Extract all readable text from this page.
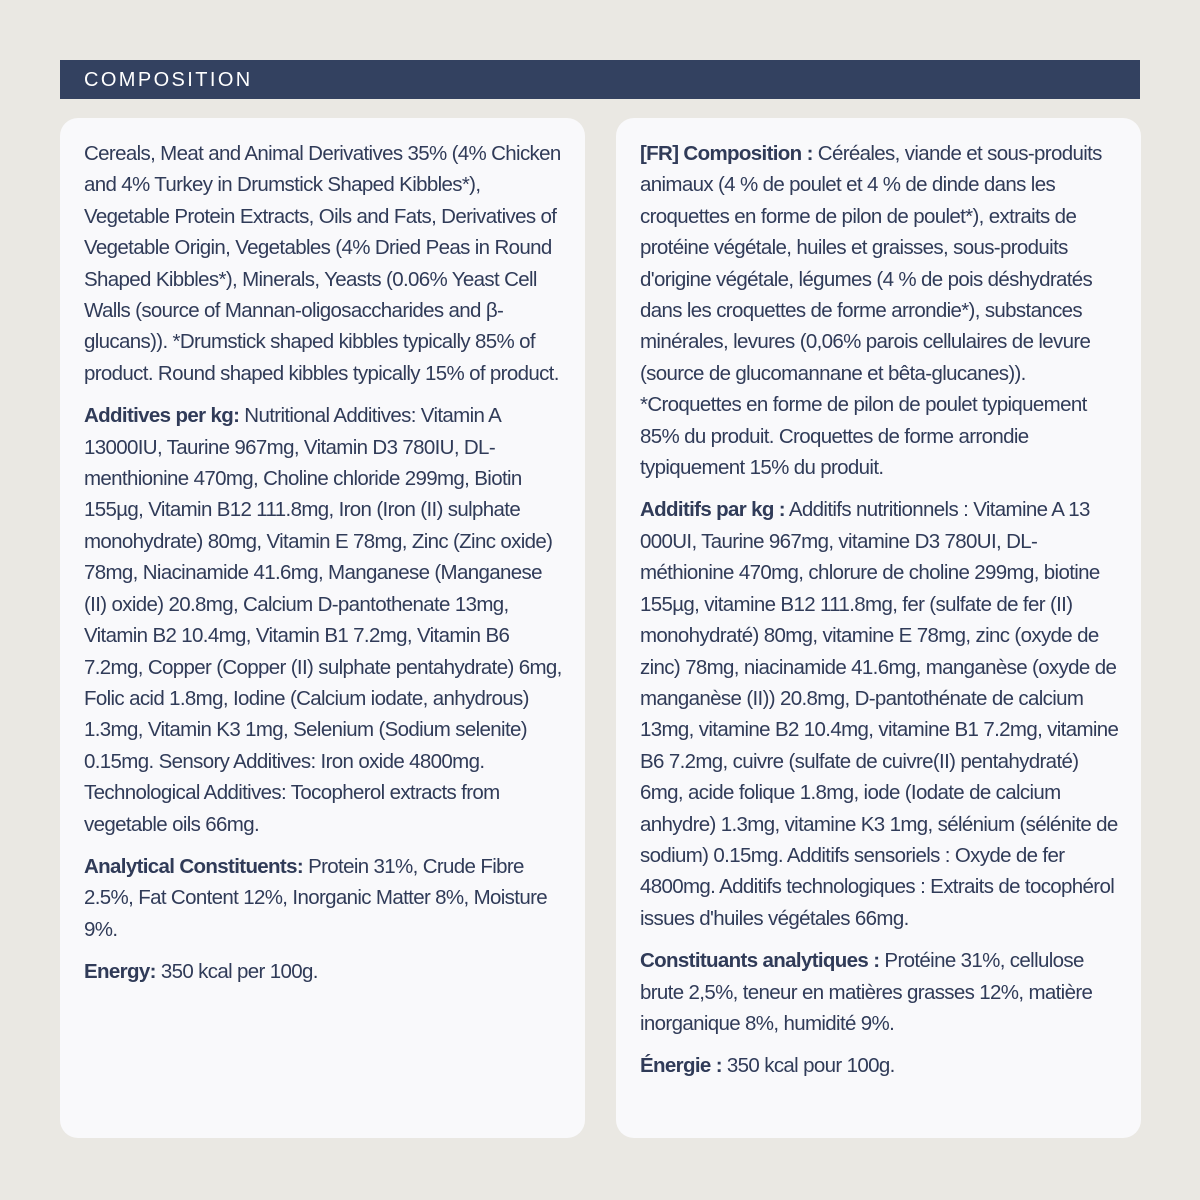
COMPOSITION

Cereals, Meat and Animal Derivatives 35% (4% Chicken and 4% Turkey in Drumstick Shaped Kibbles*), Vegetable Protein Extracts, Oils and Fats, Derivatives of Vegetable Origin, Vegetables (4% Dried Peas in Round Shaped Kibbles*), Minerals, Yeasts (0.06% Yeast Cell Walls (source of Mannan-oligosaccharides and β-glucans)). *Drumstick shaped kibbles typically 85% of product. Round shaped kibbles typically 15% of product.

Additives per kg: Nutritional Additives: Vitamin A 13000IU, Taurine 967mg, Vitamin D3 780IU, DL-menthionine 470mg, Choline chloride 299mg, Biotin 155µg, Vitamin B12 111.8mg, Iron (Iron (II) sulphate monohydrate) 80mg, Vitamin E 78mg, Zinc (Zinc oxide) 78mg, Niacinamide 41.6mg, Manganese (Manganese (II) oxide) 20.8mg, Calcium D-pantothenate 13mg, Vitamin B2 10.4mg, Vitamin B1 7.2mg, Vitamin B6 7.2mg, Copper (Copper (II) sulphate pentahydrate) 6mg, Folic acid 1.8mg, Iodine (Calcium iodate, anhydrous) 1.3mg, Vitamin K3 1mg, Selenium (Sodium selenite) 0.15mg. Sensory Additives: Iron oxide 4800mg. Technological Additives: Tocopherol extracts from vegetable oils 66mg.

Analytical Constituents: Protein 31%, Crude Fibre 2.5%, Fat Content 12%, Inorganic Matter 8%, Moisture 9%.

Energy: 350 kcal per 100g.

[FR] Composition : Céréales, viande et sous-produits animaux (4 % de poulet et 4 % de dinde dans les croquettes en forme de pilon de poulet*), extraits de protéine végétale, huiles et graisses, sous-produits d'origine végétale, légumes (4 % de pois déshydratés dans les croquettes de forme arrondie*), substances minérales, levures (0,06% parois cellulaires de levure (source de glucomannane et bêta-glucanes)). *Croquettes en forme de pilon de poulet typiquement 85% du produit. Croquettes de forme arrondie typiquement 15% du produit.

Additifs par kg : Additifs nutritionnels : Vitamine A 13 000UI, Taurine 967mg, vitamine D3 780UI, DL-méthionine 470mg, chlorure de choline 299mg, biotine 155µg, vitamine B12 111.8mg, fer (sulfate de fer (II) monohydraté) 80mg, vitamine E 78mg, zinc (oxyde de zinc) 78mg, niacinamide 41.6mg, manganèse (oxyde de manganèse (II)) 20.8mg, D-pantothénate de calcium 13mg, vitamine B2 10.4mg, vitamine B1 7.2mg, vitamine B6 7.2mg, cuivre (sulfate de cuivre(II) pentahydraté) 6mg, acide folique 1.8mg, iode (Iodate de calcium anhydre) 1.3mg, vitamine K3 1mg, sélénium (sélénite de sodium) 0.15mg. Additifs sensoriels : Oxyde de fer 4800mg. Additifs technologiques : Extraits de tocophérol issues d'huiles végétales 66mg.

Constituants analytiques : Protéine 31%, cellulose brute 2,5%, teneur en matières grasses 12%, matière inorganique 8%, humidité 9%.

Énergie : 350 kcal pour 100g.
